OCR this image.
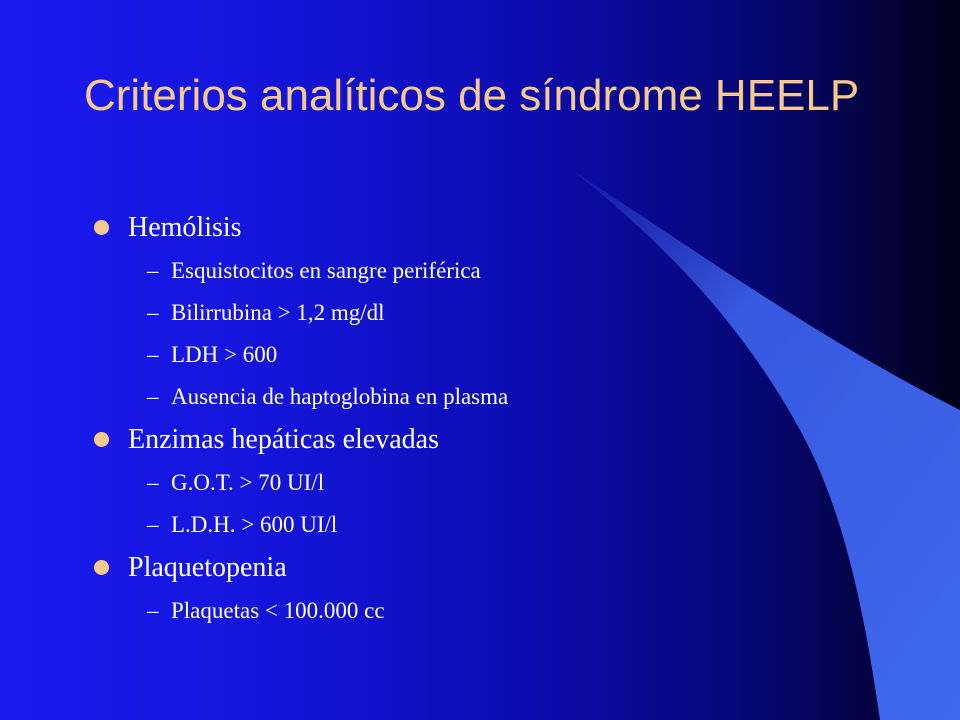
Criterios analíticos de síndrome HEELP
Hemólisis
– Esquistocitos en sangre periférica
– Bilirrubina > 1,2 mg/dl
– LDH > 600
– Ausencia de haptoglobina en plasma
Enzimas hepáticas elevadas
– G.O.T. > 70 UI/l
– L.D.H. > 600 UI/l
Plaquetopenia
– Plaquetas < 100.000 cc
